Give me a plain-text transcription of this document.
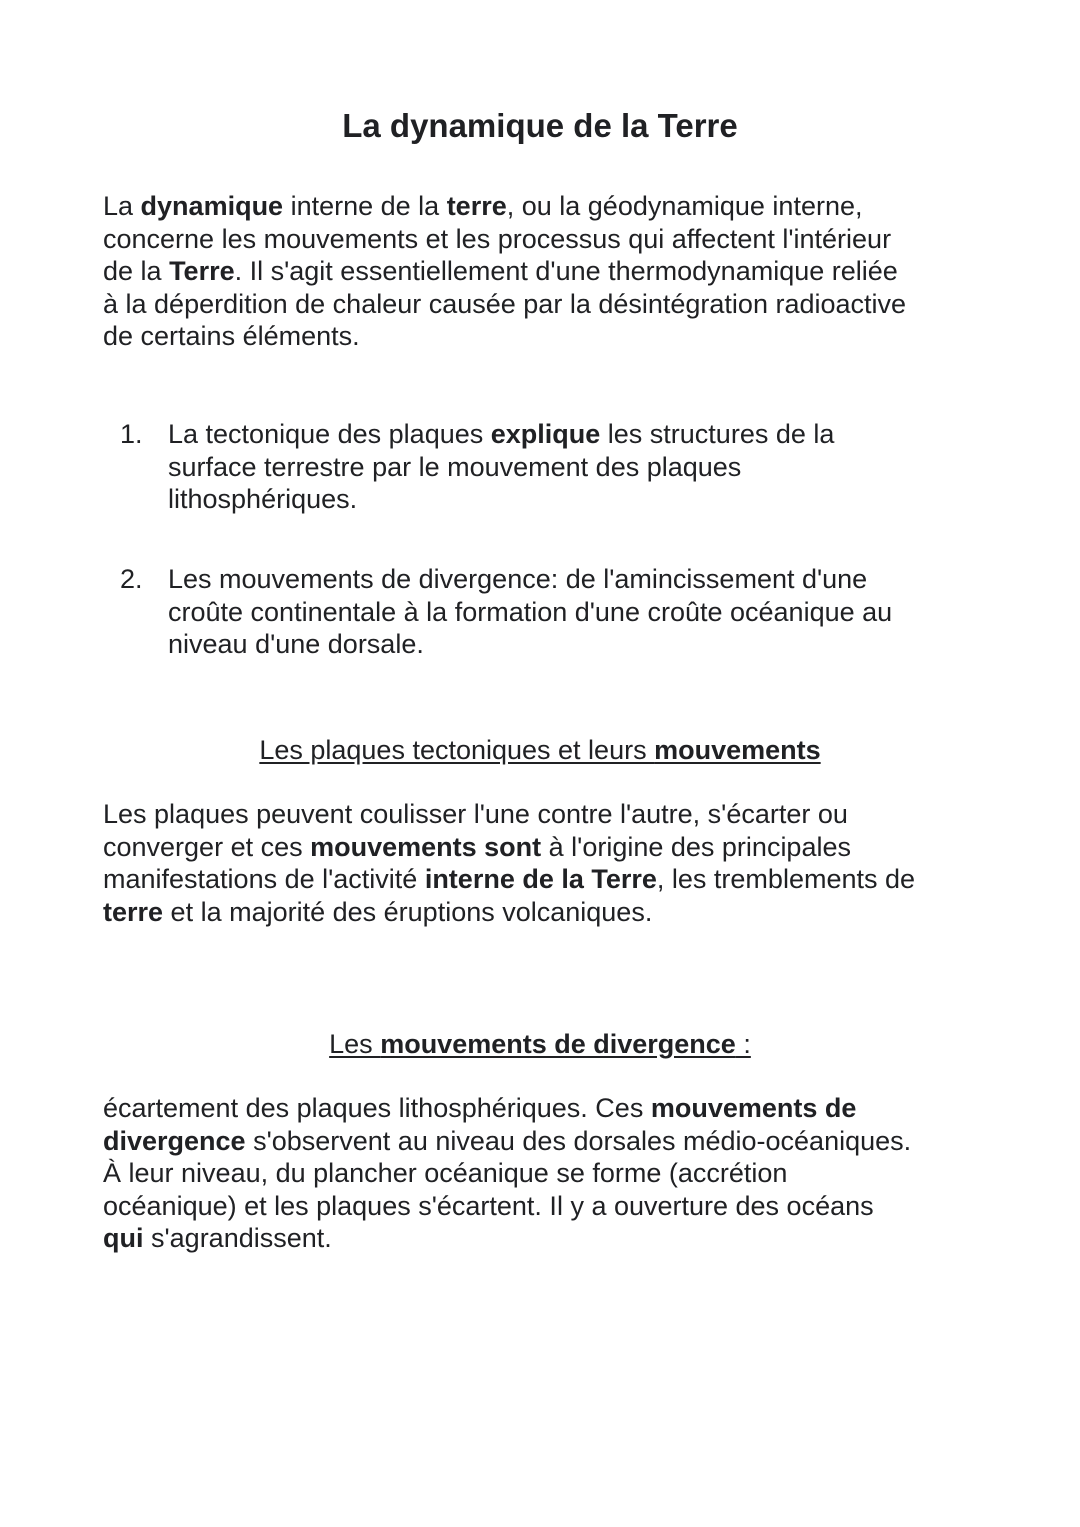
La dynamique de la Terre

La dynamique interne de la terre, ou la géodynamique interne,
concerne les mouvements et les processus qui affectent l'intérieur
de la Terre. Il s'agit essentiellement d'une thermodynamique reliée
à la déperdition de chaleur causée par la désintégration radioactive
de certains éléments.

1. La tectonique des plaques explique les structures de la
surface terrestre par le mouvement des plaques
lithosphériques.
2. Les mouvements de divergence: de l'amincissement d'une
croûte continentale à la formation d'une croûte océanique au
niveau d'une dorsale.
Les plaques tectoniques et leurs mouvements

Les plaques peuvent coulisser l'une contre l'autre, s'écarter ou
converger et ces mouvements sont à l'origine des principales
manifestations de l'activité interne de la Terre, les tremblements de
terre et la majorité des éruptions volcaniques.

Les mouvements de divergence :

écartement des plaques lithosphériques. Ces mouvements de
divergence s'observent au niveau des dorsales médio-océaniques.
À leur niveau, du plancher océanique se forme (accrétion
océanique) et les plaques s'écartent. Il y a ouverture des océans
qui s'agrandissent.
